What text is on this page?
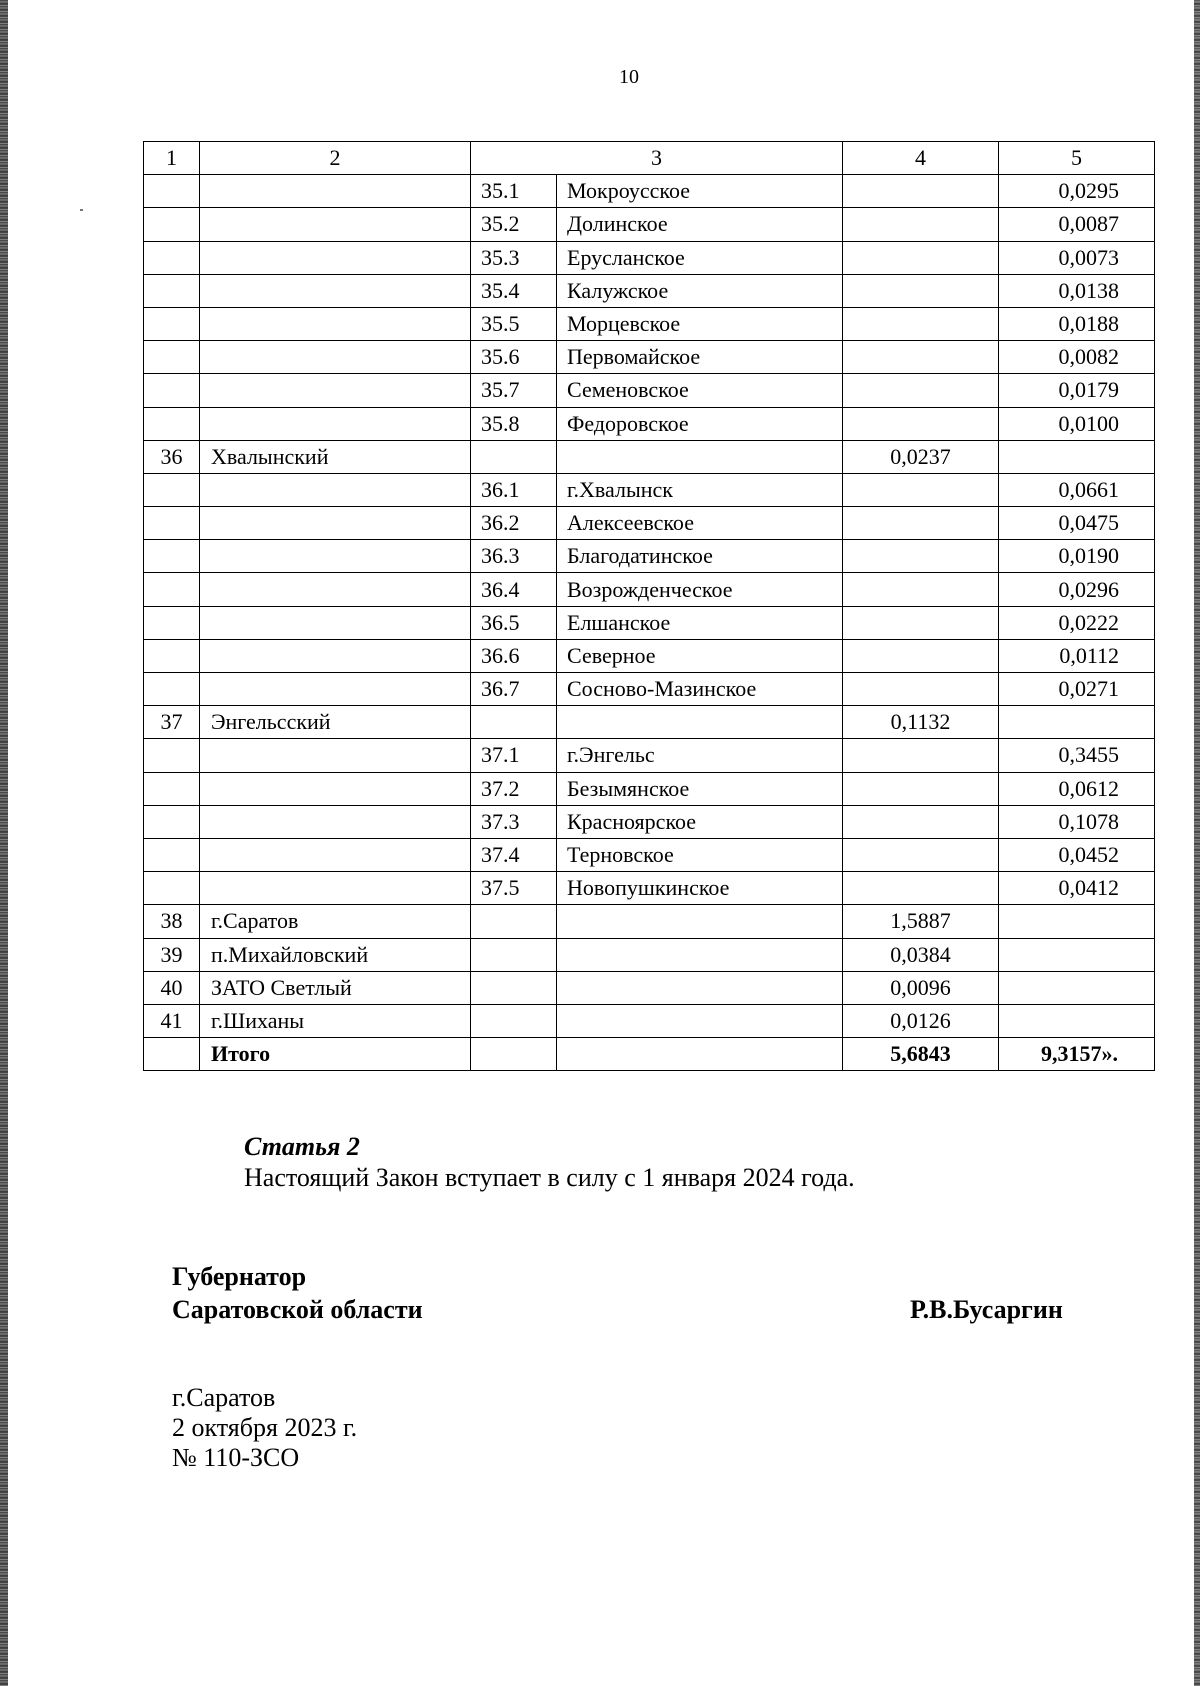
10
1	2	3		4	5
		35.1	Мокроусское		0,0295
		35.2	Долинское		0,0087
		35.3	Ерусланское		0,0073
		35.4	Калужское		0,0138
		35.5	Морцевское		0,0188
		35.6	Первомайское		0,0082
		35.7	Семеновское		0,0179
		35.8	Федоровское		0,0100
36	Хвалынский			0,0237	
		36.1	г.Хвалынск		0,0661
		36.2	Алексеевское		0,0475
		36.3	Благодатинское		0,0190
		36.4	Возрожденческое		0,0296
		36.5	Елшанское		0,0222
		36.6	Северное		0,0112
		36.7	Сосново-Мазинское		0,0271
37	Энгельсский			0,1132	
		37.1	г.Энгельс		0,3455
		37.2	Безымянское		0,0612
		37.3	Красноярское		0,1078
		37.4	Терновское		0,0452
		37.5	Новопушкинское		0,0412
38	г.Саратов			1,5887	
39	п.Михайловский			0,0384	
40	ЗАТО Светлый			0,0096	
41	г.Шиханы			0,0126	
	Итого			5,6843	9,3157».
Статья 2
Настоящий Закон вступает в силу с 1 января 2024 года.
Губернатор
Саратовской области	Р.В.Бусаргин
г.Саратов
2 октября 2023 г.
№ 110-ЗСО
